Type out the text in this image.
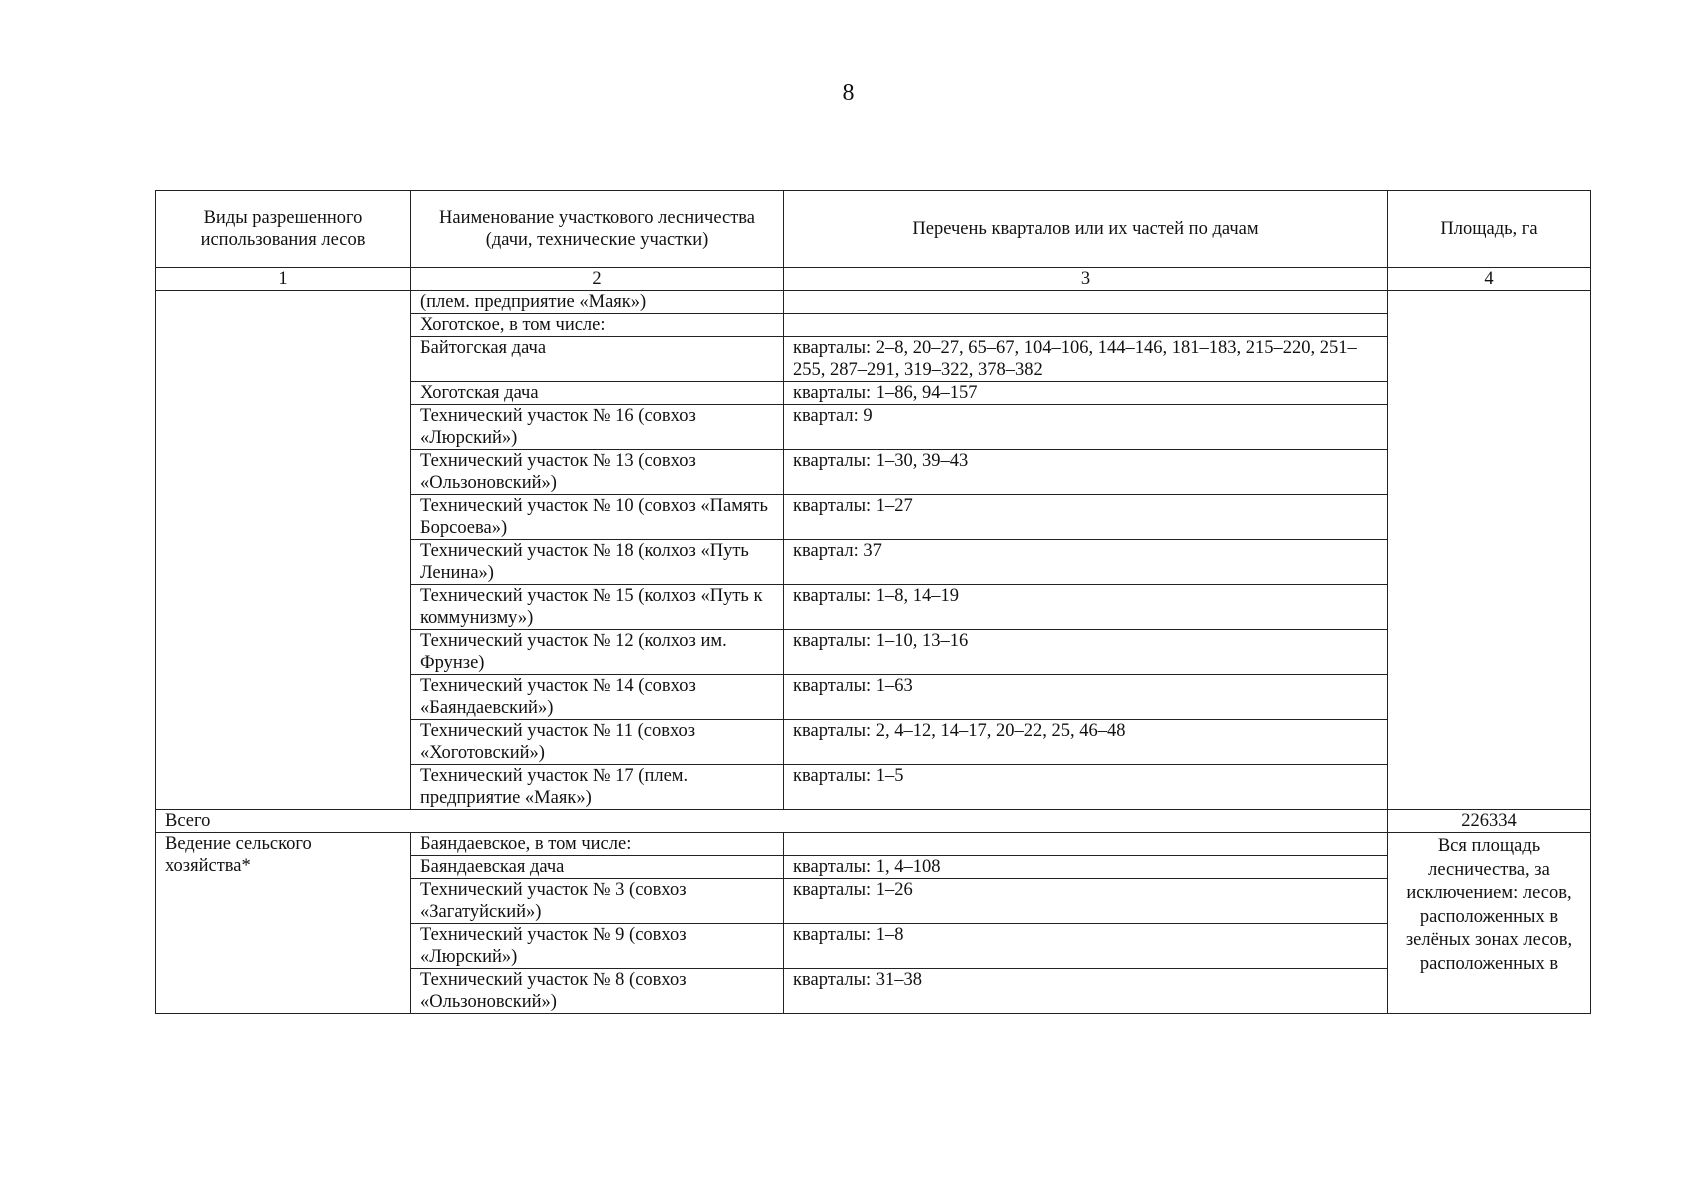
8
Виды разрешенного использования лесов	Наименование участкового лесничества (дачи, технические участки)	Перечень кварталов или их частей по дачам	Площадь, га
1	2	3	4
	(плем. предприятие «Маяк»)		
	Хоготское, в том числе:		
	Байтогская дача	кварталы: 2–8, 20–27, 65–67, 104–106, 144–146, 181–183, 215–220, 251–255, 287–291, 319–322, 378–382	
	Хоготская дача	кварталы: 1–86, 94–157	
	Технический участок № 16 (совхоз «Люрский»)	квартал: 9	
	Технический участок № 13 (совхоз «Ользоновский»)	кварталы: 1–30, 39–43	
	Технический участок № 10 (совхоз «Память Борсоева»)	кварталы: 1–27	
	Технический участок № 18 (колхоз «Путь Ленина»)	квартал: 37	
	Технический участок № 15 (колхоз «Путь к коммунизму»)	кварталы: 1–8, 14–19	
	Технический участок № 12 (колхоз им. Фрунзе)	кварталы: 1–10, 13–16	
	Технический участок № 14 (совхоз «Баяндаевский»)	кварталы: 1–63	
	Технический участок № 11 (совхоз «Хоготовский»)	кварталы: 2, 4–12, 14–17, 20–22, 25, 46–48	
	Технический участок № 17 (плем. предприятие «Маяк»)	кварталы: 1–5	
Всего			226334
Ведение сельского хозяйства*	Баяндаевское, в том числе:		Вся площадь лесничества, за исключением: лесов, расположенных в зелёных зонах лесов, расположенных в
	Баяндаевская дача	кварталы: 1, 4–108	
	Технический участок № 3 (совхоз «Загатуйский»)	кварталы: 1–26	
	Технический участок № 9 (совхоз «Люрский»)	кварталы: 1–8	
	Технический участок № 8 (совхоз «Ользоновский»)	кварталы: 31–38	
